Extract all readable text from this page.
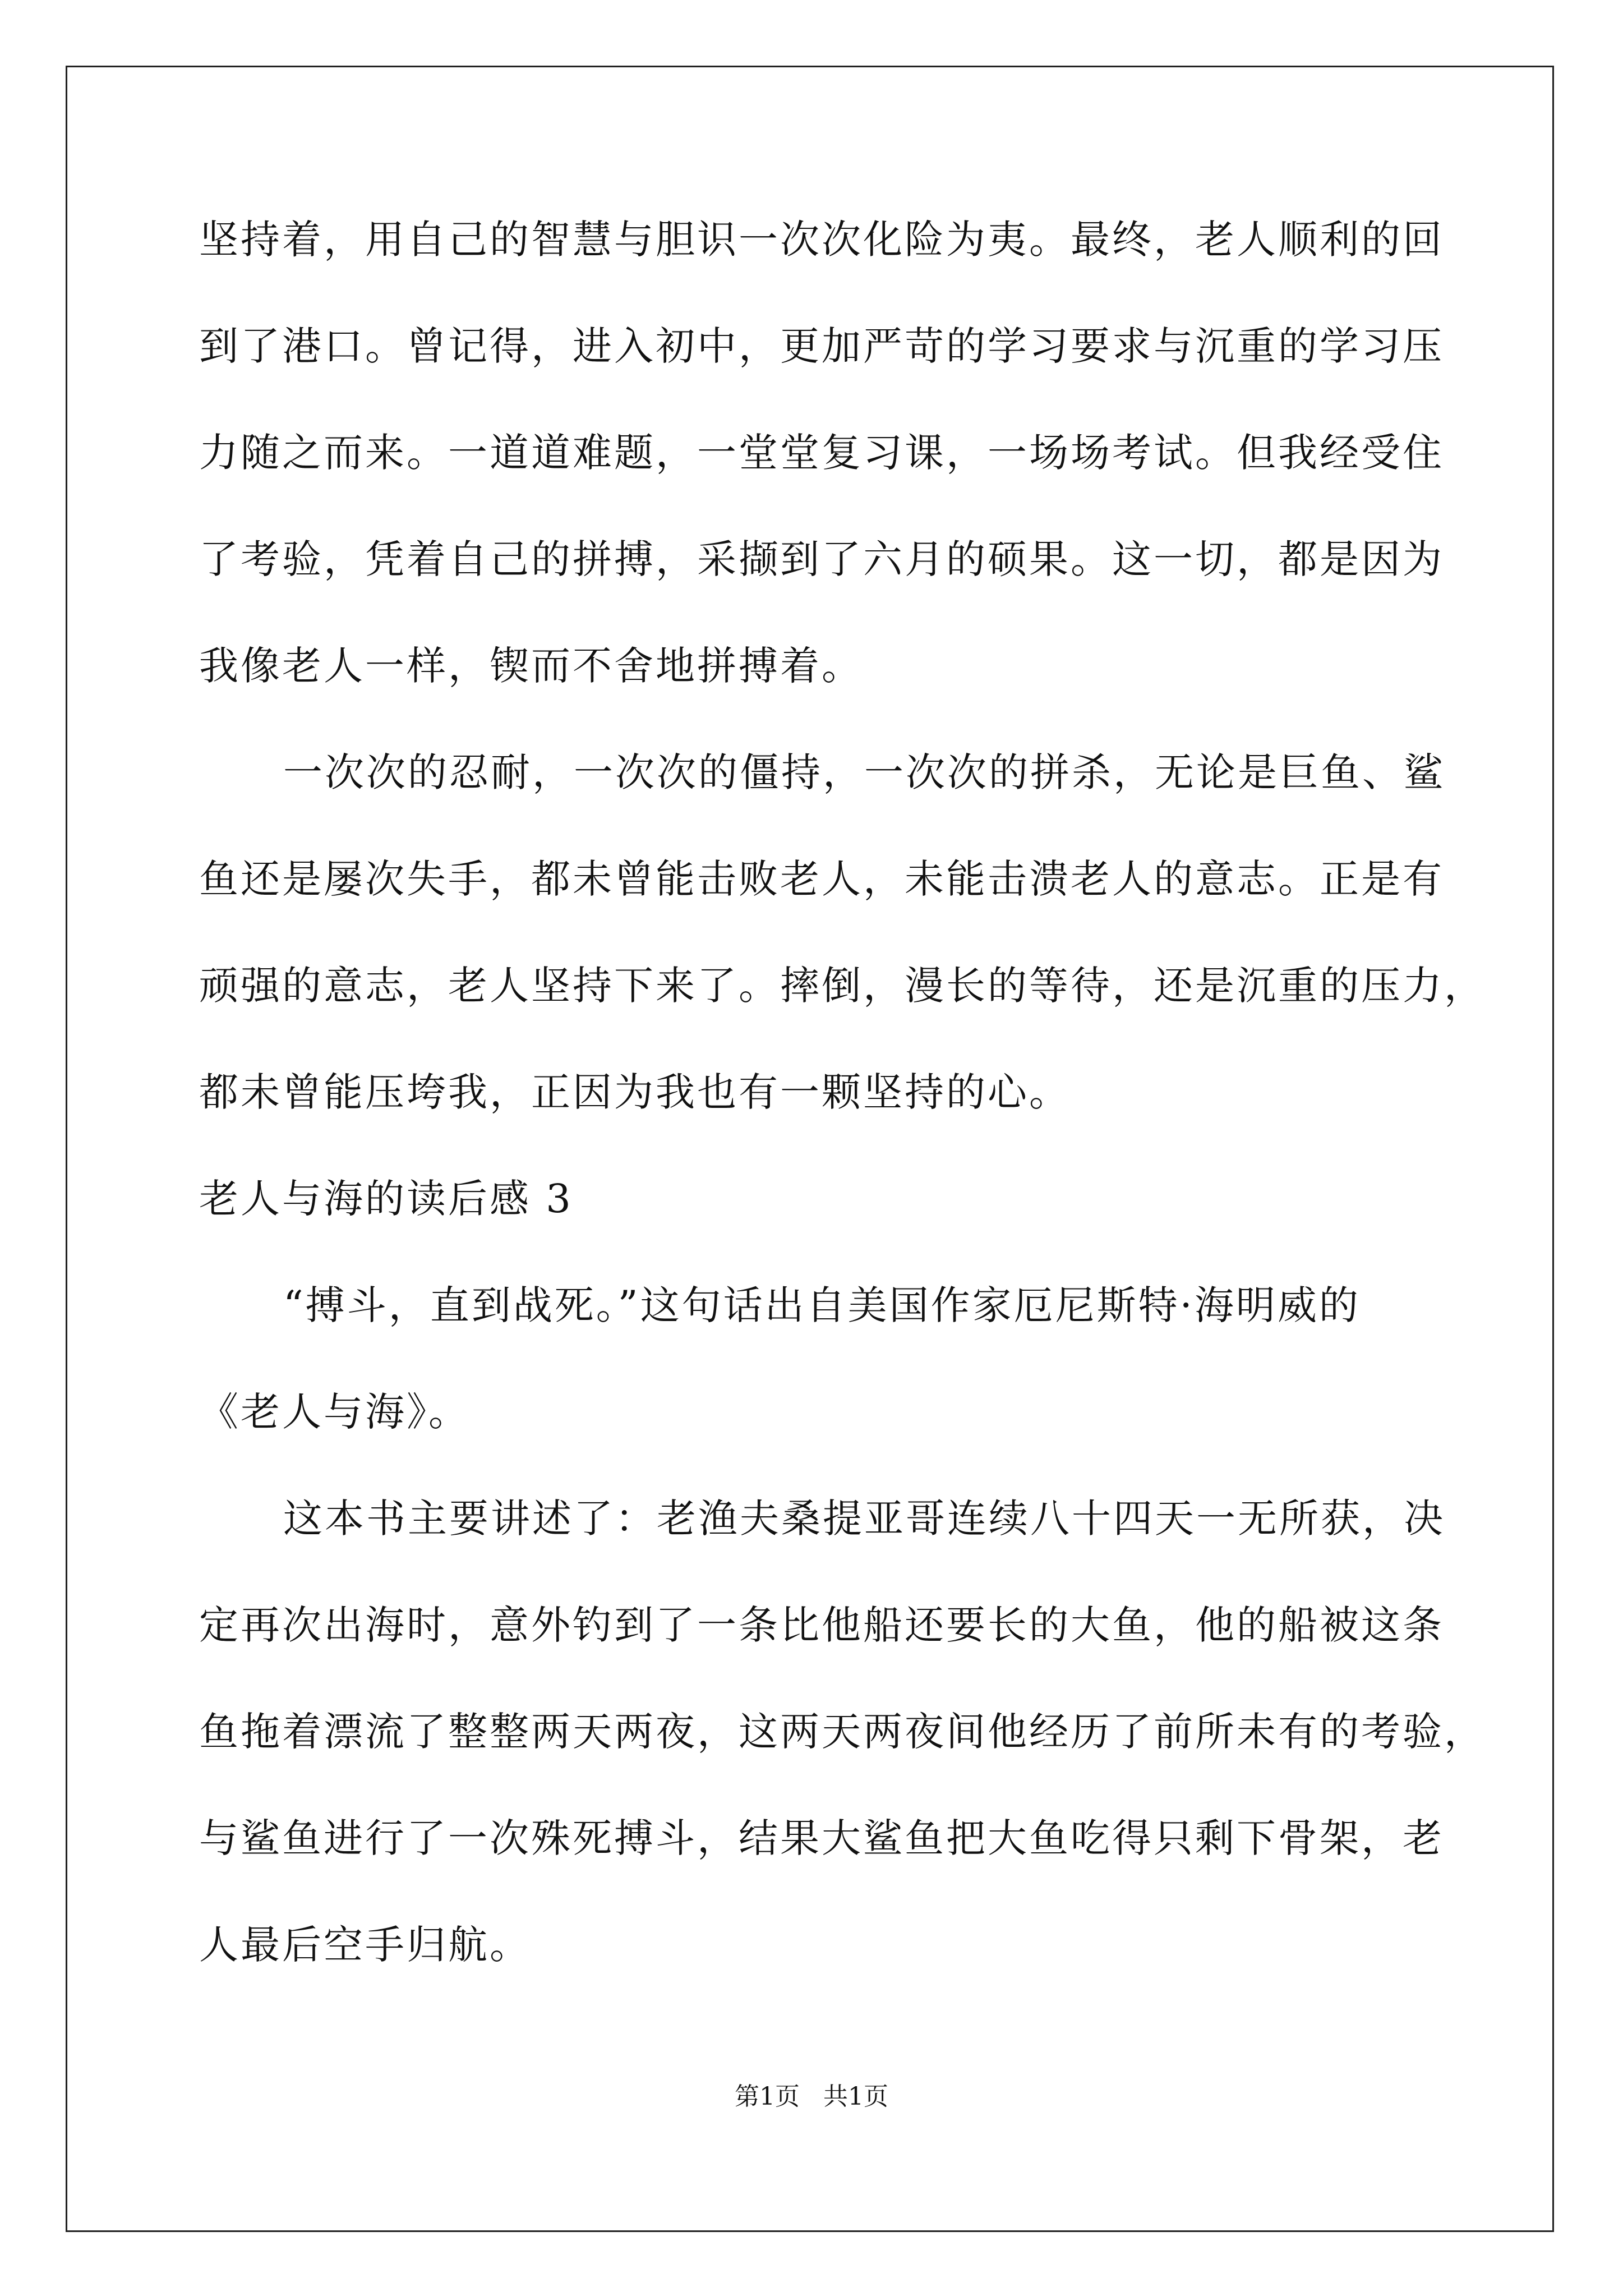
坚持着，用自己的智慧与胆识一次次化险为夷。最终，老人顺利的回
到了港口。曾记得，进入初中，更加严苛的学习要求与沉重的学习压
力随之而来。一道道难题，一堂堂复习课，一场场考试。但我经受住
了考验，凭着自己的拼搏，采撷到了六月的硕果。这一切，都是因为
我像老人一样，锲而不舍地拼搏着。
一次次的忍耐，一次次的僵持，一次次的拼杀，无论是巨鱼、鲨
鱼还是屡次失手，都未曾能击败老人，未能击溃老人的意志。正是有
顽强的意志，老人坚持下来了。摔倒，漫长的等待，还是沉重的压力，
都未曾能压垮我，正因为我也有一颗坚持的心。
老人与海的读后感 3
“搏斗，直到战死。”这句话出自美国作家厄尼斯特·海明威的
《老人与海》。
这本书主要讲述了：老渔夫桑提亚哥连续八十四天一无所获，决
定再次出海时，意外钓到了一条比他船还要长的大鱼，他的船被这条
鱼拖着漂流了整整两天两夜，这两天两夜间他经历了前所未有的考验，
与鲨鱼进行了一次殊死搏斗，结果大鲨鱼把大鱼吃得只剩下骨架，老
人最后空手归航。
第1页   共1页
